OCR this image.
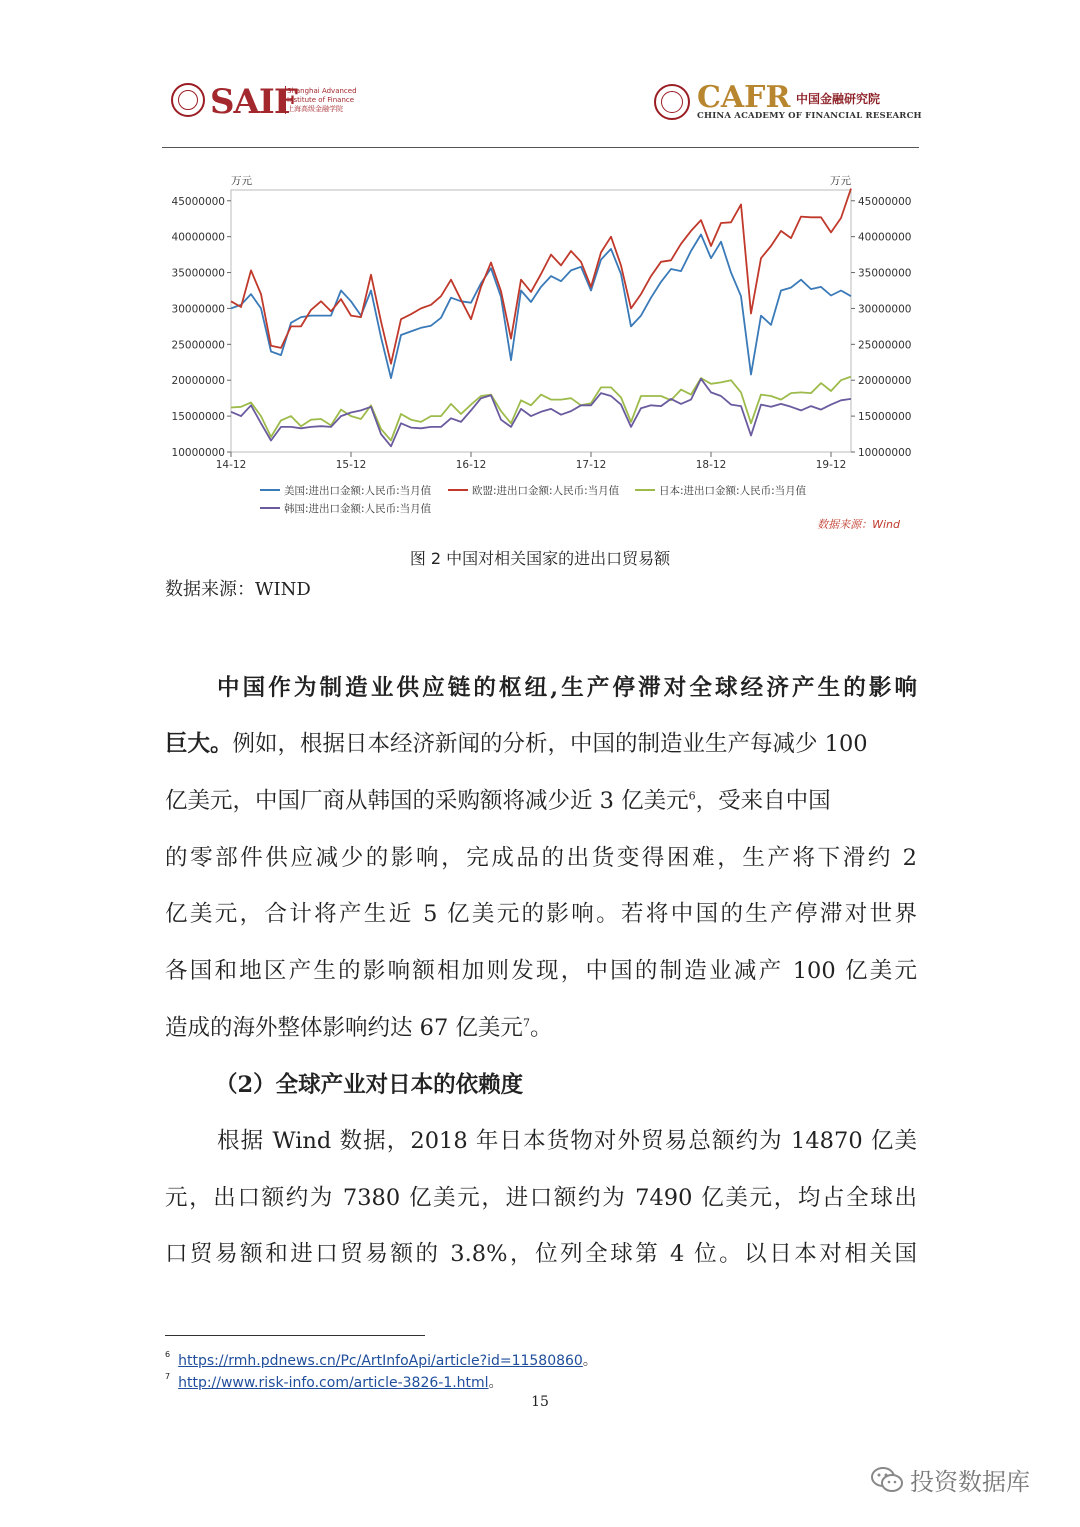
SAIF
Shanghai Advanced
Institute of Finance
上海高级金融学院	CAFR 中国金融研究院
CHINA ACADEMY OF FINANCIAL RESEARCH
45000000	45000000
40000000	40000000
35000000	35000000
30000000	30000000
25000000	25000000
20000000	20000000
15000000	15000000
10000000	10000000
万元	万元
14-12	15-12	16-12	17-12	18-12	19-12
美国:进出口金额:人民币:当月值	欧盟:进出口金额:人民币:当月值	日本:进出口金额:人民币:当月值
韩国:进出口金额:人民币:当月值
数据来源：Wind
图 2 中国对相关国家的进出口贸易额
数据来源：WIND
中国作为制造业供应链的枢纽,生产停滞对全球经济产生的影响
巨大。例如，根据日本经济新闻的分析，中国的制造业生产每减少 100
亿美元，中国厂商从韩国的采购额将减少近 3 亿美元$^6$，受来自中国
的零部件供应减少的影响，完成品的出货变得困难，生产将下滑约 2
亿美元，合计将产生近 5 亿美元的影响。若将中国的生产停滞对世界
各国和地区产生的影响额相加则发现，中国的制造业减产 100 亿美元
造成的海外整体影响约达 67 亿美元$^7$。
（2）全球产业对日本的依赖度
根据 Wind 数据，2018 年日本货物对外贸易总额约为 14870 亿美
元，出口额约为 7380 亿美元，进口额约为 7490 亿美元，均占全球出
口贸易额和进口贸易额的 3.8%，位列全球第 4 位。以日本对相关国
$^6$ https://rmh.pdnews.cn/Pc/ArtInfoApi/article?id=11580860。
$^7$ http://www.risk-info.com/article-3826-1.html。
15
投资数据库
